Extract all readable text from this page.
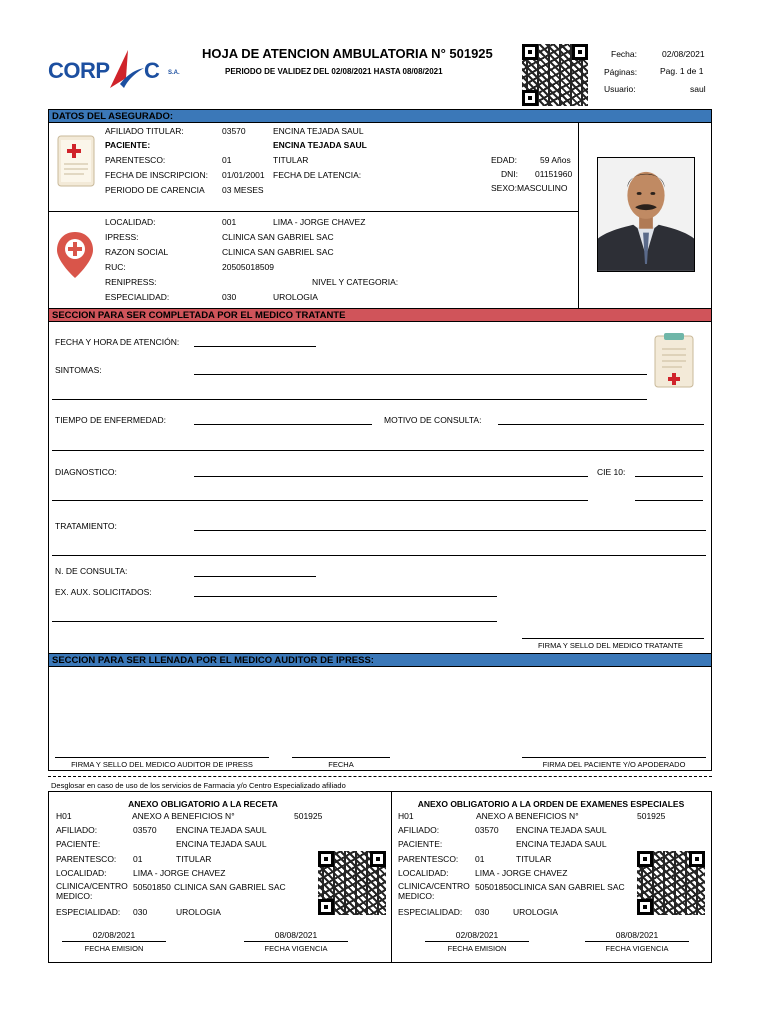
CORP C S.A.
HOJA DE ATENCION AMBULATORIA N° 501925
PERIODO DE VALIDEZ DEL 02/08/2021 HASTA 08/08/2021
Fecha:	02/08/2021
Páginas:	Pag. 1 de 1
Usuario:	saul
DATOS DEL ASEGURADO:
AFILIADO TITULAR:	03570	ENCINA TEJADA SAUL
PACIENTE:	ENCINA TEJADA SAUL
PARENTESCO:	01	TITULAR
FECHA DE INSCRIPCION: 01/01/2001 FECHA DE LATENCIA:
PERIODO DE CARENCIA 03 MESES
EDAD:	59 Años
DNI: 01151960
SEXO: MASCULINO
LOCALIDAD:	001	LIMA - JORGE CHAVEZ
IPRESS:	CLINICA SAN GABRIEL SAC
RAZON SOCIAL	CLINICA SAN GABRIEL SAC
RUC:	20505018509
RENIPRESS:	NIVEL Y CATEGORIA:
ESPECIALIDAD:	030	UROLOGIA
SECCION PARA SER COMPLETADA POR EL MEDICO TRATANTE
FECHA Y HORA DE ATENCIÓN:
SINTOMAS:
TIEMPO DE ENFERMEDAD:	MOTIVO DE CONSULTA:
DIAGNOSTICO:	CIE 10:
TRATAMIENTO:
N. DE CONSULTA:
EX. AUX. SOLICITADOS:
FIRMA Y SELLO DEL MEDICO TRATANTE
SECCION PARA SER LLENADA POR EL MEDICO AUDITOR DE IPRESS:
FIRMA Y SELLO DEL MEDICO AUDITOR DE IPRESS	FECHA	FIRMA DEL PACIENTE Y/O APODERADO
Desglosar en caso de uso de los servicios de Farmacia y/o Centro Especializado afiliado
ANEXO OBLIGATORIO A LA RECETA
H01	ANEXO A BENEFICIOS N°	501925
AFILIADO:	03570 ENCINA TEJADA SAUL
PACIENTE:	ENCINA TEJADA SAUL
PARENTESCO: 01	TITULAR
LOCALIDAD:	LIMA - JORGE CHAVEZ
CLINICA/CENTRO MEDICO:
50501850 CLINICA SAN GABRIEL SAC
ESPECIALIDAD: 030	UROLOGIA
02/08/2021
FECHA EMISION
08/08/2021
FECHA VIGENCIA
ANEXO OBLIGATORIO A LA ORDEN DE EXAMENES ESPECIALES
H01	ANEXO A BENEFICIOS N°	501925
AFILIADO:	03570 ENCINA TEJADA SAUL
PACIENTE:	ENCINA TEJADA SAUL
PARENTESCO: 01	TITULAR
LOCALIDAD:	LIMA - JORGE CHAVEZ
CLINICA/CENTRO MEDICO:
50501850 CLINICA SAN GABRIEL SAC
ESPECIALIDAD: 030	UROLOGIA
02/08/2021
FECHA EMISION
08/08/2021
FECHA VIGENCIA
